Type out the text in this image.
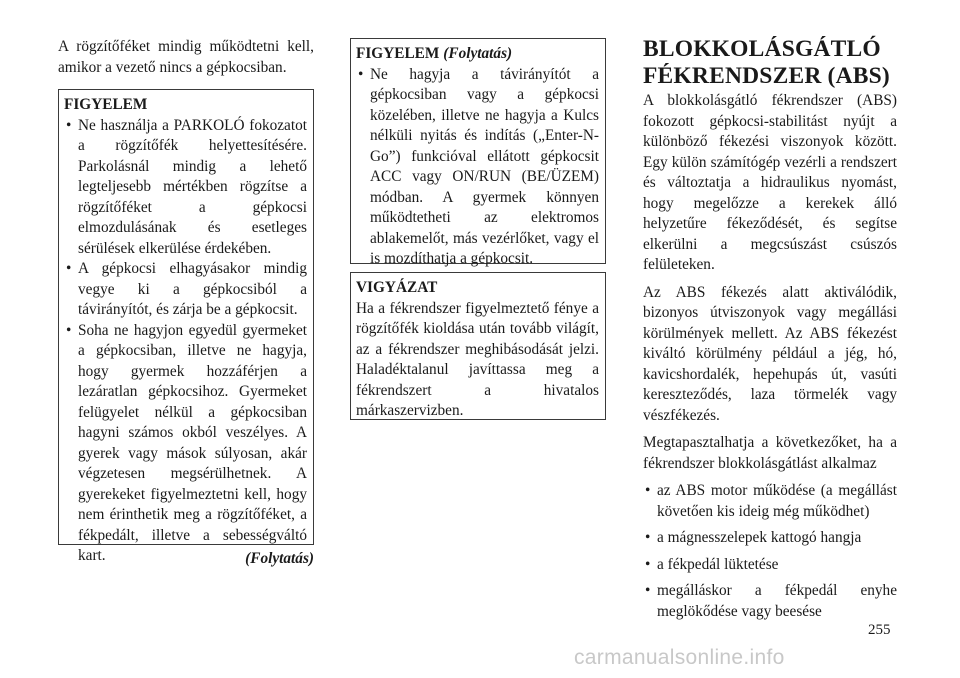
A rögzítőféket mindig működtetni kell, amikor a vezető nincs a gépkocsiban.

FIGYELEM
• Ne használja a PARKOLÓ fokozatot a rögzítőfék helyettesítésére. Parkolásnál mindig a lehető legteljesebb mértékben rögzítse a rögzítőféket a gépkocsi elmozdulásának és esetleges sérülések elkerülése érdekében.
• A gépkocsi elhagyásakor mindig vegye ki a gépkocsiból a távirányítót, és zárja be a gépkocsit.
• Soha ne hagyjon egyedül gyermeket a gépkocsiban, illetve ne hagyja, hogy gyermek hozzáférjen a lezáratlan gépkocsihoz. Gyermeket felügyelet nélkül a gépkocsiban hagyni számos okból veszélyes. A gyerek vagy mások súlyosan, akár végzetesen megsérülhetnek. A gyerekeket figyelmeztetni kell, hogy nem érinthetik meg a rögzítőféket, a fékpedált, illetve a sebességváltó kart.	(Folytatás)
FIGYELEM (Folytatás)
• Ne hagyja a távirányítót a gépkocsiban vagy a gépkocsi közelében, illetve ne hagyja a Kulcs nélküli nyitás és indítás („Enter-N-Go”) funkcióval ellátott gépkocsit ACC vagy ON/RUN (BE/ÜZEM) módban. A gyermek könnyen működtetheti az elektromos ablakemelőt, más vezérlőket, vagy el is mozdíthatja a gépkocsit.
VIGYÁZAT

Ha a fékrendszer figyelmeztető fénye a rögzítőfék kioldása után tovább világít, az a fékrendszer meghibásodását jelzi. Haladéktalanul javíttassa meg a fékrendszert a hivatalos márkaszervizben.

BLOKKOLÁSGÁTLÓ
FÉKRENDSZER (ABS)

A blokkolásgátló fékrendszer (ABS) fokozott gépkocsi-stabilitást nyújt a különböző fékezési viszonyok között. Egy külön számítógép vezérli a rendszert és változtatja a hidraulikus nyomást, hogy megelőzze a kerekek álló helyzetűre fékeződését, és segítse elkerülni a megcsúszást csúszós felületeken.

Az ABS fékezés alatt aktiválódik, bizonyos útviszonyok vagy megállási körülmények mellett. Az ABS fékezést kiváltó körülmény például a jég, hó, kavicshordalék, hepehupás út, vasúti kereszteződés, laza törmelék vagy vészfékezés.

Megtapasztalhatja a következőket, ha a fékrendszer blokkolásgátlást alkalmaz

• az ABS motor működése (a megállást követően kis ideig még működhet)
• a mágnesszelepek kattogó hangja
• a fékpedál lüktetése
• megálláskor a fékpedál enyhe meglökődése vagy beesése
255
carmanualsonline.info
